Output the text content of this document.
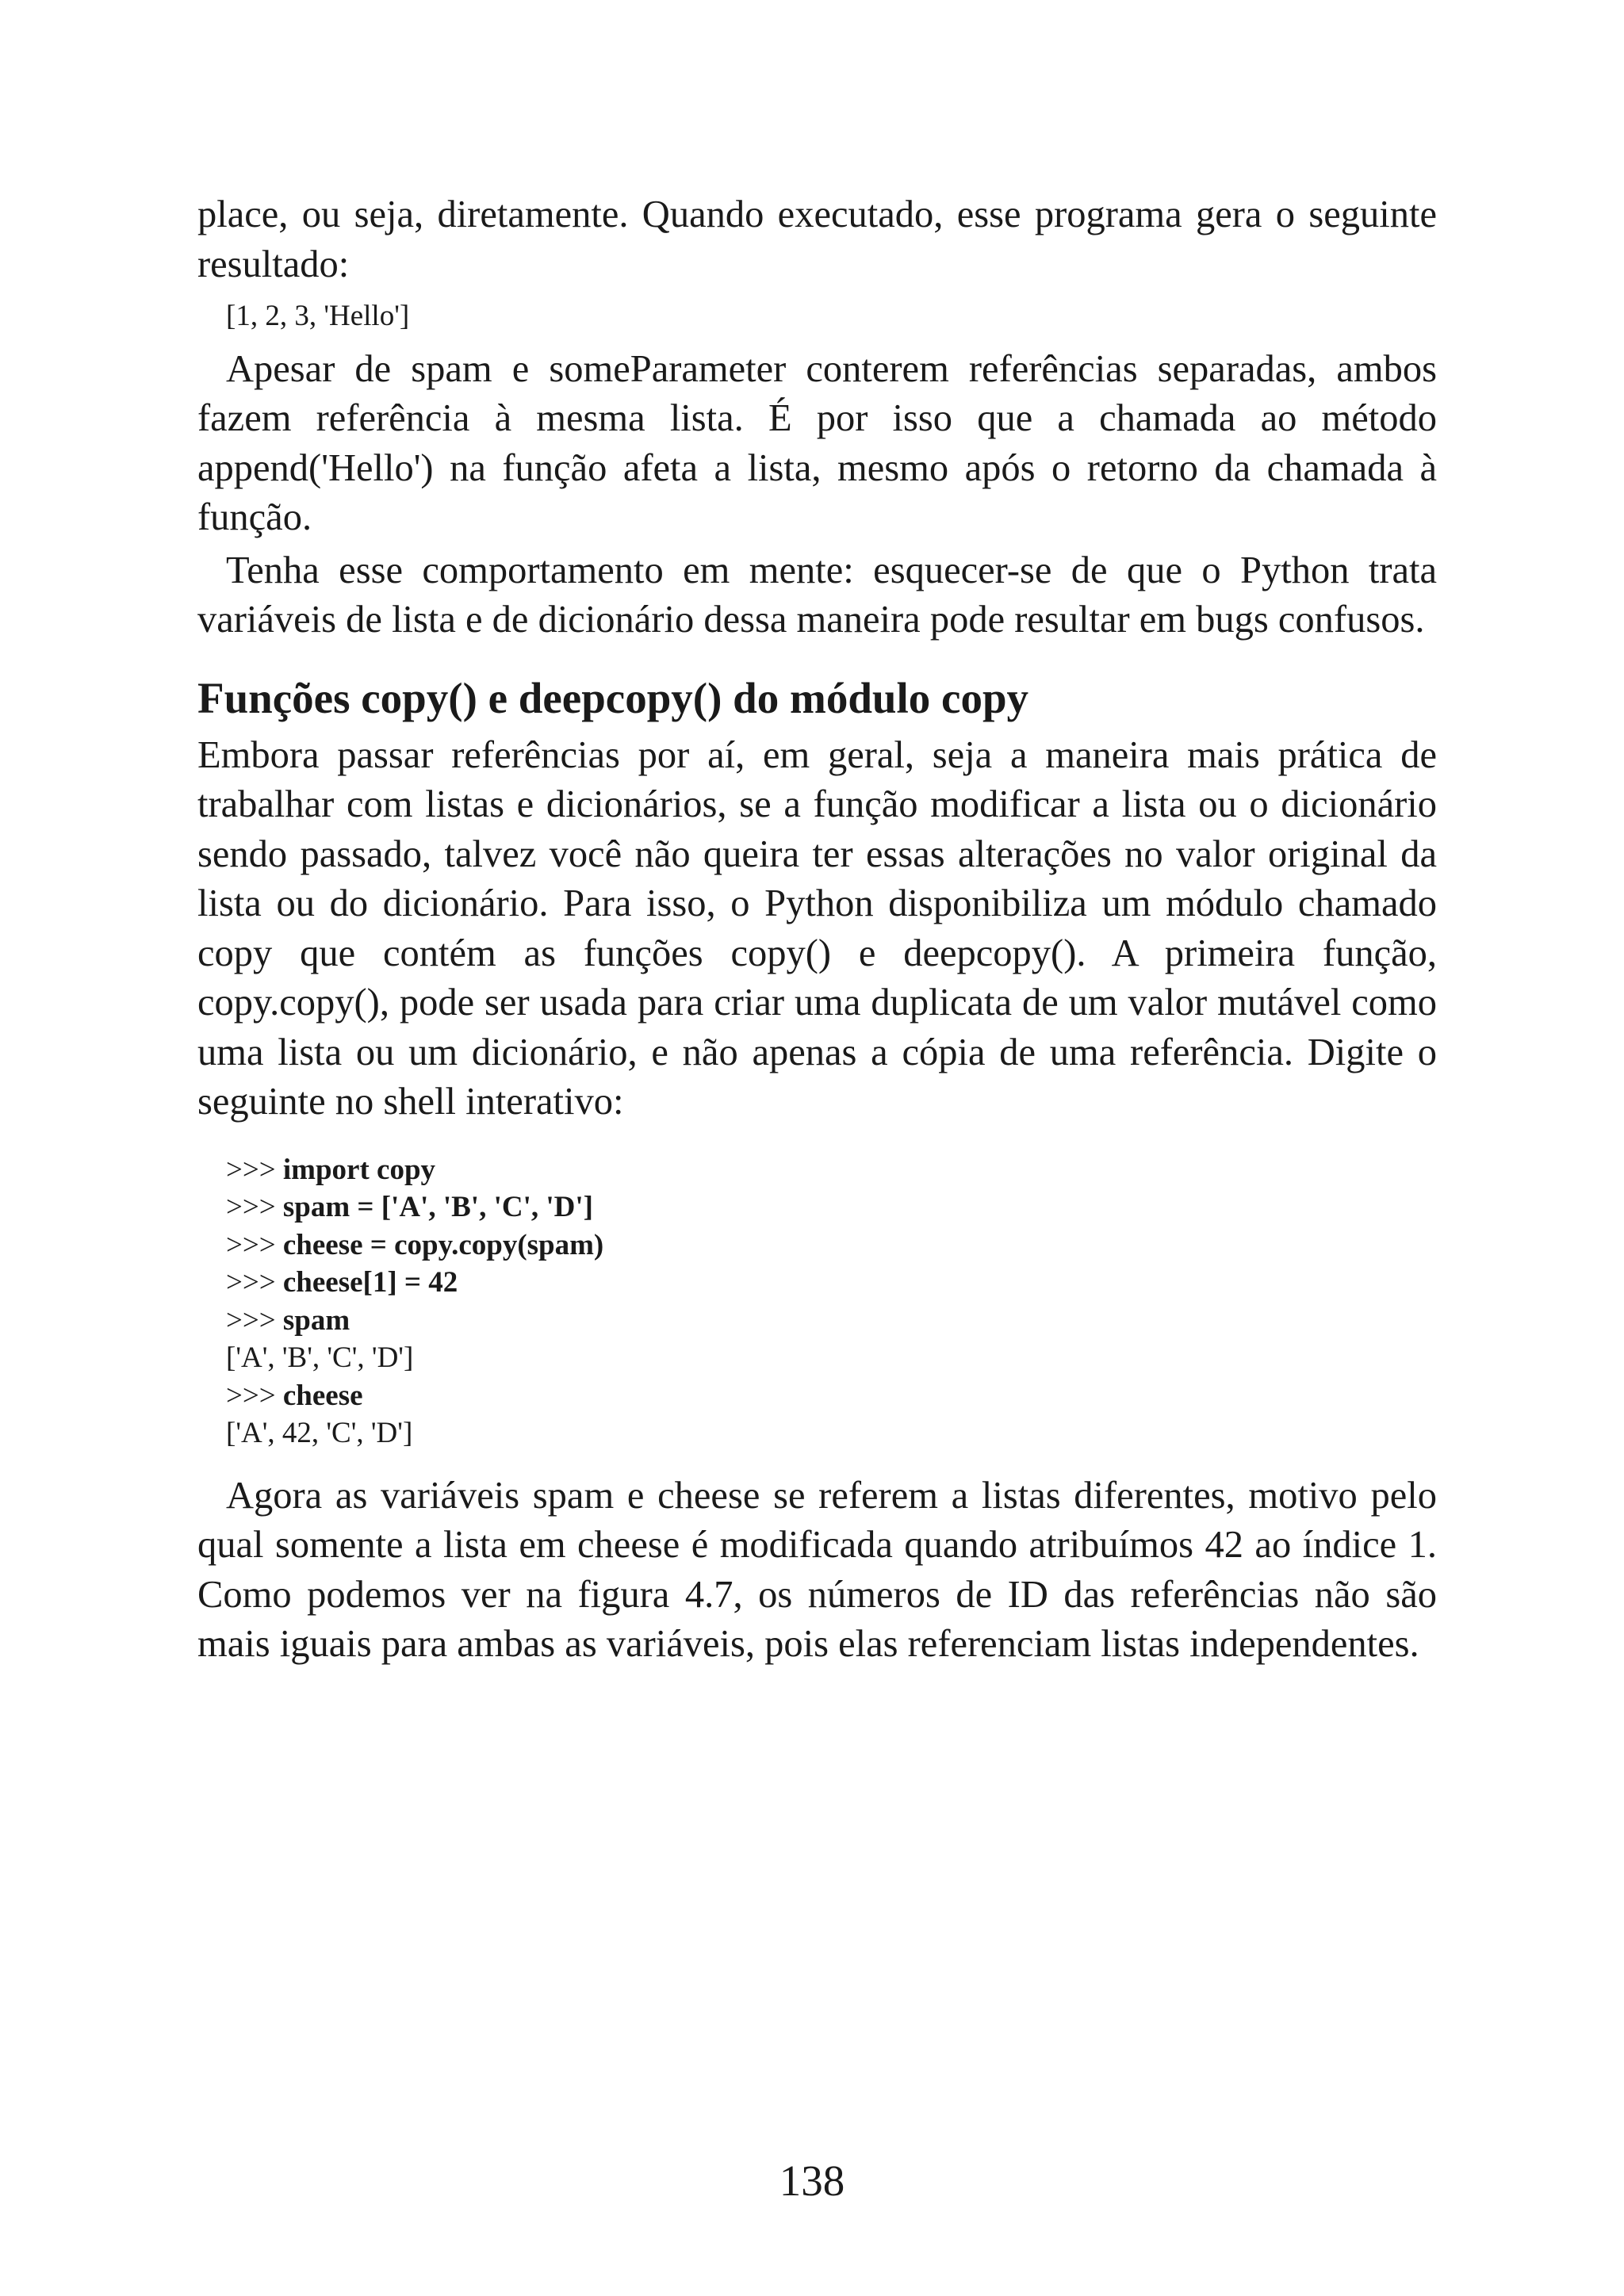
place, ou seja, diretamente. Quando executado, esse programa gera o seguinte resultado:

[1, 2, 3, 'Hello']

Apesar de spam e someParameter conterem referências separadas, ambos fazem referência à mesma lista. É por isso que a chamada ao método append('Hello') na função afeta a lista, mesmo após o retorno da chamada à função.

Tenha esse comportamento em mente: esquecer-se de que o Python trata variáveis de lista e de dicionário dessa maneira pode resultar em bugs confusos.

Funções copy() e deepcopy() do módulo copy

Embora passar referências por aí, em geral, seja a maneira mais prática de trabalhar com listas e dicionários, se a função modificar a lista ou o dicionário sendo passado, talvez você não queira ter essas alterações no valor original da lista ou do dicionário. Para isso, o Python disponibiliza um módulo chamado copy que contém as funções copy() e deepcopy(). A primeira função, copy.copy(), pode ser usada para criar uma duplicata de um valor mutável como uma lista ou um dicionário, e não apenas a cópia de uma referência. Digite o seguinte no shell interativo:

>>> import copy
>>> spam = ['A', 'B', 'C', 'D']
>>> cheese = copy.copy(spam)
>>> cheese[1] = 42
>>> spam
['A', 'B', 'C', 'D']
>>> cheese
['A', 42, 'C', 'D']

Agora as variáveis spam e cheese se referem a listas diferentes, motivo pelo qual somente a lista em cheese é modificada quando atribuímos 42 ao índice 1. Como podemos ver na figura 4.7, os números de ID das referências não são mais iguais para ambas as variáveis, pois elas referenciam listas independentes.

138
